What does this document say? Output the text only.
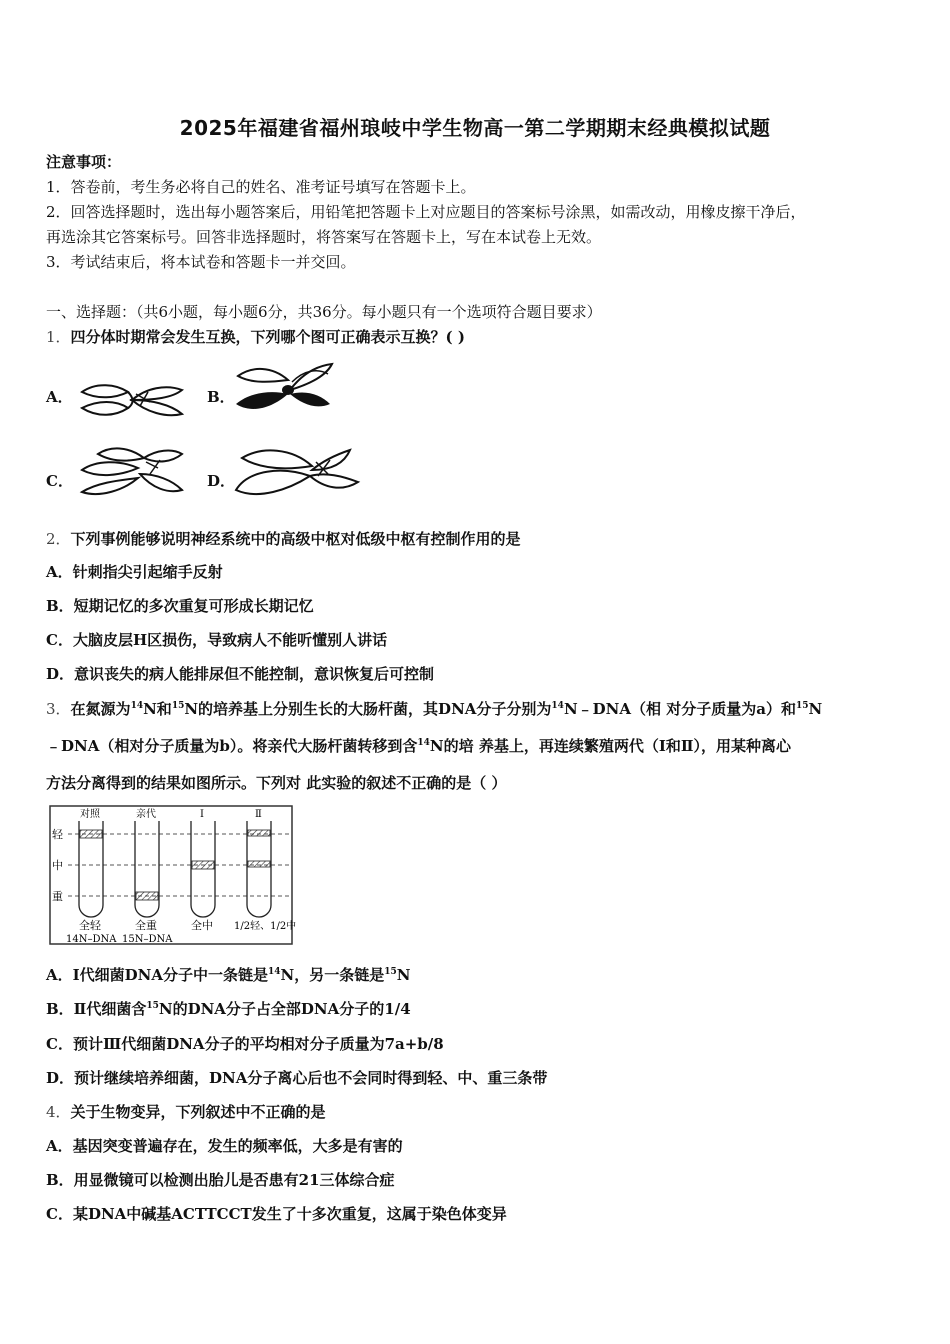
2025年福建省福州琅岐中学生物高一第二学期期末经典模拟试题
注意事项：
1．答卷前，考生务必将自己的姓名、准考证号填写在答题卡上。
2．回答选择题时，选出每小题答案后，用铅笔把答题卡上对应题目的答案标号涂黑，如需改动，用橡皮擦干净后，
再选涂其它答案标号。回答非选择题时，将答案写在答题卡上，写在本试卷上无效。
3．考试结束后，将本试卷和答题卡一并交回。
一、选择题：（共6小题，每小题6分，共36分。每小题只有一个选项符合题目要求）
1．四分体时期常会发生互换，下列哪个图可正确表示互换？( )
A．	B．
C．	D．
2．下列事例能够说明神经系统中的高级中枢对低级中枢有控制作用的是
A．针刺指尖引起缩手反射
B．短期记忆的多次重复可形成长期记忆
C．大脑皮层H区损伤，导致病人不能听懂别人讲话
D．意识丧失的病人能排尿但不能控制，意识恢复后可控制
3．在氮源为$^{14}$N和$^{15}$N的培养基上分别生长的大肠杆菌，其DNA分子分别为$^{14}$N﹣DNA（相 对分子质量为a）和$^{15}$N
﹣DNA（相对分子质量为b）。将亲代大肠杆菌转移到含$^{14}$N的培 养基上，再连续繁殖两代（Ⅰ和Ⅱ），用某种离心
方法分离得到的结果如图所示。下列对 此实验的叙述不正确的是（ ）
轻
中
重
对照	亲代	Ⅰ	Ⅱ
全轻	全重	全中 1/2轻、1/2中
14N–DNA 15N–DNA
A．Ⅰ代细菌DNA分子中一条链是$^{14}$N，另一条链是$^{15}$N
B．Ⅱ代细菌含$^{15}$N的DNA分子占全部DNA分子的1/4
C．预计Ⅲ代细菌DNA分子的平均相对分子质量为7a+b/8
D．预计继续培养细菌，DNA分子离心后也不会同时得到轻、中、重三条带
4．关于生物变异，下列叙述中不正确的是
A．基因突变普遍存在，发生的频率低，大多是有害的
B．用显微镜可以检测出胎儿是否患有21三体综合症
C．某DNA中碱基ACTTCCT发生了十多次重复，这属于染色体变异
